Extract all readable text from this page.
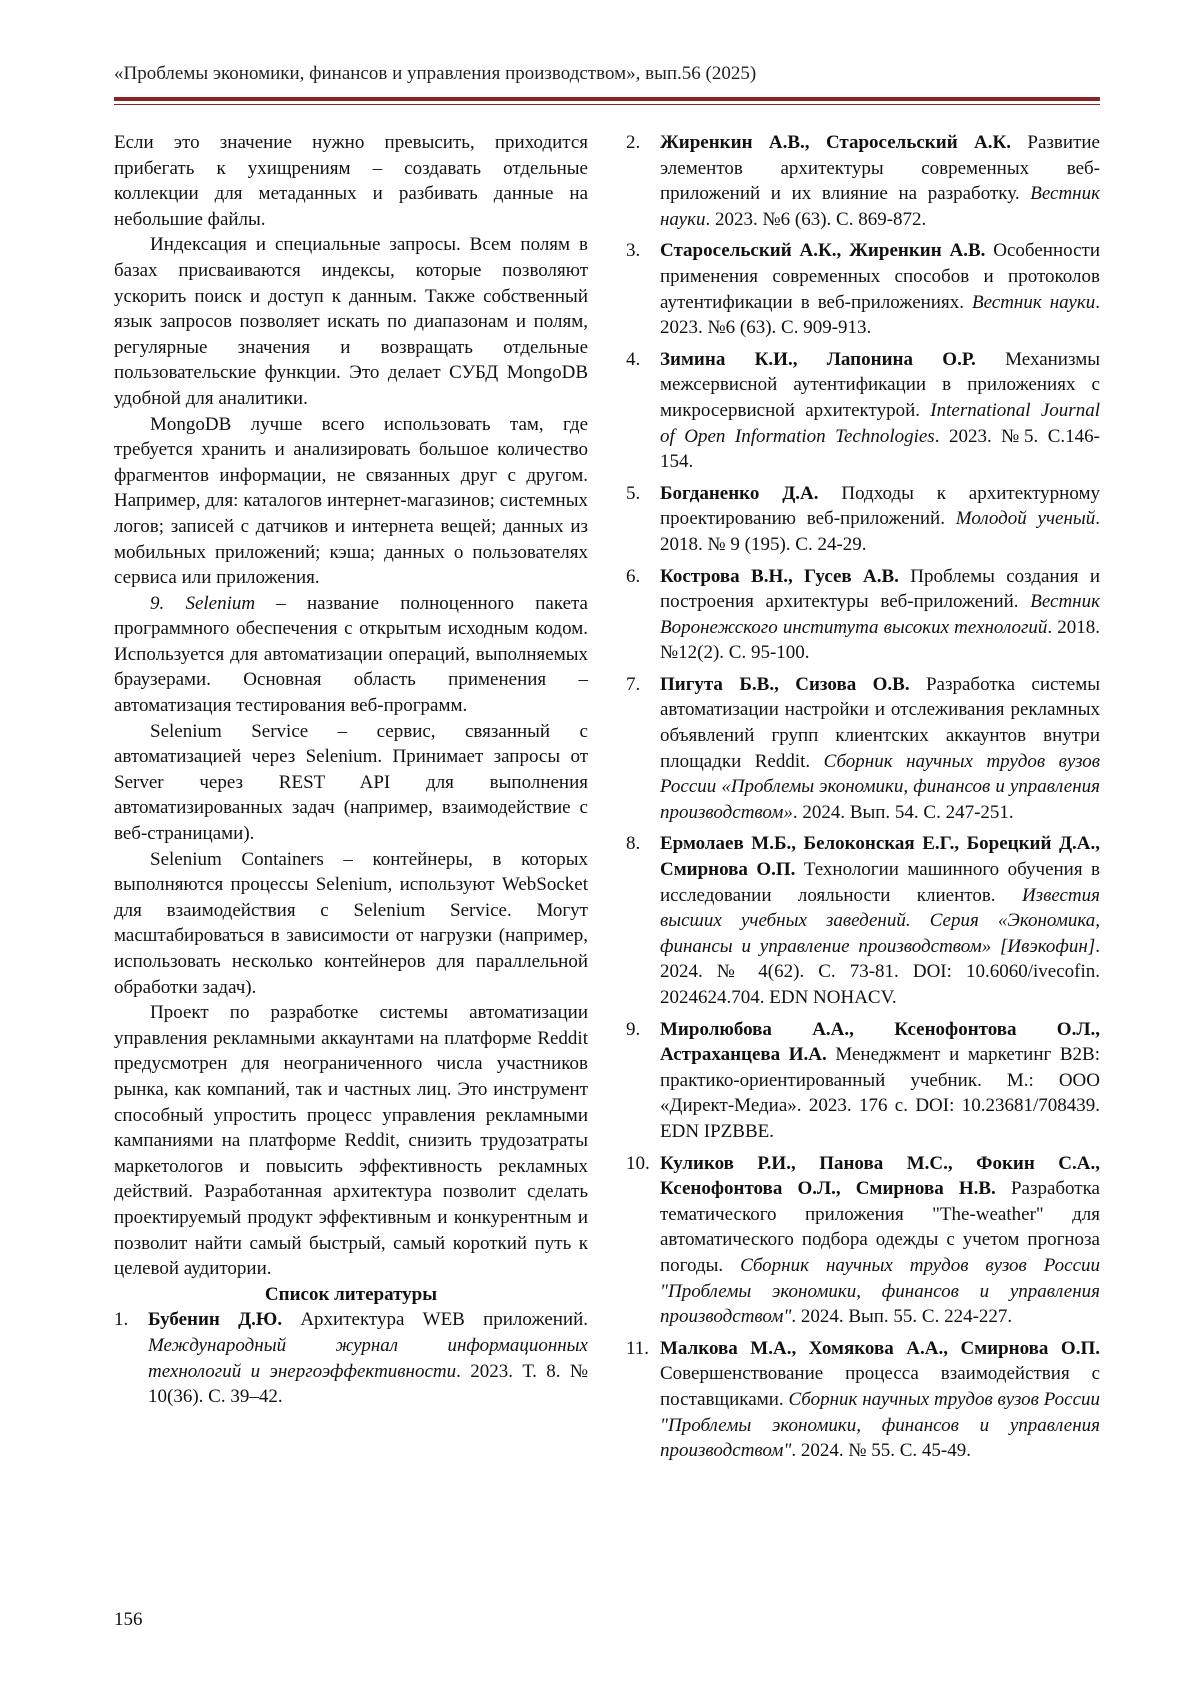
«Проблемы экономики, финансов и управления производством», вып.56 (2025)

Если это значение нужно превысить, приходится прибегать к ухищрениям – создавать отдельные коллекции для метаданных и разбивать данные на небольшие файлы.

Индексация и специальные запросы. Всем полям в базах присваиваются индексы, которые позволяют ускорить поиск и доступ к данным. Также собственный язык запросов позволяет искать по диапазонам и полям, регулярные значения и возвращать отдельные пользовательские функции. Это делает СУБД MongoDB удобной для аналитики.

MongoDB лучше всего использовать там, где требуется хранить и анализировать большое количество фрагментов информации, не связанных друг с другом. Например, для: каталогов интернет-магазинов; системных логов; записей с датчиков и интернета вещей; данных из мобильных приложений; кэша; данных о пользователях сервиса или приложения.

9. Selenium – название полноценного пакета программного обеспечения с открытым исходным кодом. Используется для автоматизации операций, выполняемых браузерами. Основная область применения – автоматизация тестирования веб-программ.

Selenium Service – сервис, связанный с автоматизацией через Selenium. Принимает запросы от Server через REST API для выполнения автоматизированных задач (например, взаимодействие с веб-страницами).

Selenium Containers – контейнеры, в которых выполняются процессы Selenium, используют WebSocket для взаимодействия с Selenium Service. Могут масштабироваться в зависимости от нагрузки (например, использовать несколько контейнеров для параллельной обработки задач).

Проект по разработке системы автоматизации управления рекламными аккаунтами на платформе Reddit предусмотрен для неограниченного числа участников рынка, как компаний, так и частных лиц. Это инструмент способный упростить процесс управления рекламными кампаниями на платформе Reddit, снизить трудозатраты маркетологов и повысить эффективность рекламных действий. Разработанная архитектура позволит сделать проектируемый продукт эффективным и конкурентным и позволит найти самый быстрый, самый короткий путь к целевой аудитории.

Список литературы

1.	Бубенин Д.Ю. Архитектура WEB приложений. Международный журнал информационных технологий и энергоэффективности. 2023. Т. 8. № 10(36). С. 39–42.

2.	Жиренкин А.В., Старосельский А.К. Развитие элементов архитектуры современных веб-приложений и их влияние на разработку. Вестник науки. 2023. №6 (63). С. 869-872.

3.	Старосельский А.К., Жиренкин А.В. Особенности применения современных способов и протоколов аутентификации в веб-приложениях. Вестник науки. 2023. №6 (63). С. 909-913.

4.	Зимина К.И., Лапонина О.Р. Механизмы межсервисной аутентификации в приложениях с микросервисной архитектурой. International Journal of Open Information Technologies. 2023. №5. С.146-154.

5.	Богданенко Д.А. Подходы к архитектурному проектированию веб-приложений. Молодой ученый. 2018. № 9 (195). С. 24-29.

6.	Кострова В.Н., Гусев А.В. Проблемы создания и построения архитектуры веб-приложений. Вестник Воронежского института высоких технологий. 2018. №12(2). С. 95-100.

7.	Пигута Б.В., Сизова О.В. Разработка системы автоматизации настройки и отслеживания рекламных объявлений групп клиентских аккаунтов внутри площадки Reddit. Сборник научных трудов вузов России «Проблемы экономики, финансов и управления производством». 2024. Вып. 54. С. 247-251.

8.	Ермолаев М.Б., Белоконская Е.Г., Борецкий Д.А., Смирнова О.П. Технологии машинного обучения в исследовании лояльности клиентов. Известия высших учебных заведений. Серия «Экономика, финансы и управление производством» [Ивэкофин]. 2024. № 4(62). С. 73-81. DOI: 10.6060/ivecofin. 2024624.704. EDN NOHACV.

9.	Миролюбова А.А., Ксенофонтова О.Л., Астраханцева И.А. Менеджмент и маркетинг B2B: практико-ориентированный учебник. М.: ООО «Директ-Медиа». 2023. 176 с. DOI: 10.23681/708439. EDN IPZBBE.

10. Куликов Р.И., Панова М.С., Фокин С.А., Ксенофонтова О.Л., Смирнова Н.В. Разработка тематического приложения "The-weather" для автоматического подбора одежды с учетом прогноза погоды. Сборник научных трудов вузов России "Проблемы экономики, финансов и управления производством". 2024. Вып. 55. С. 224-227.

11. Малкова М.А., Хомякова А.А., Смирнова О.П. Совершенствование процесса взаимодействия с поставщиками. Сборник научных трудов вузов России "Проблемы экономики, финансов и управления производством". 2024. № 55. С. 45-49.

156
